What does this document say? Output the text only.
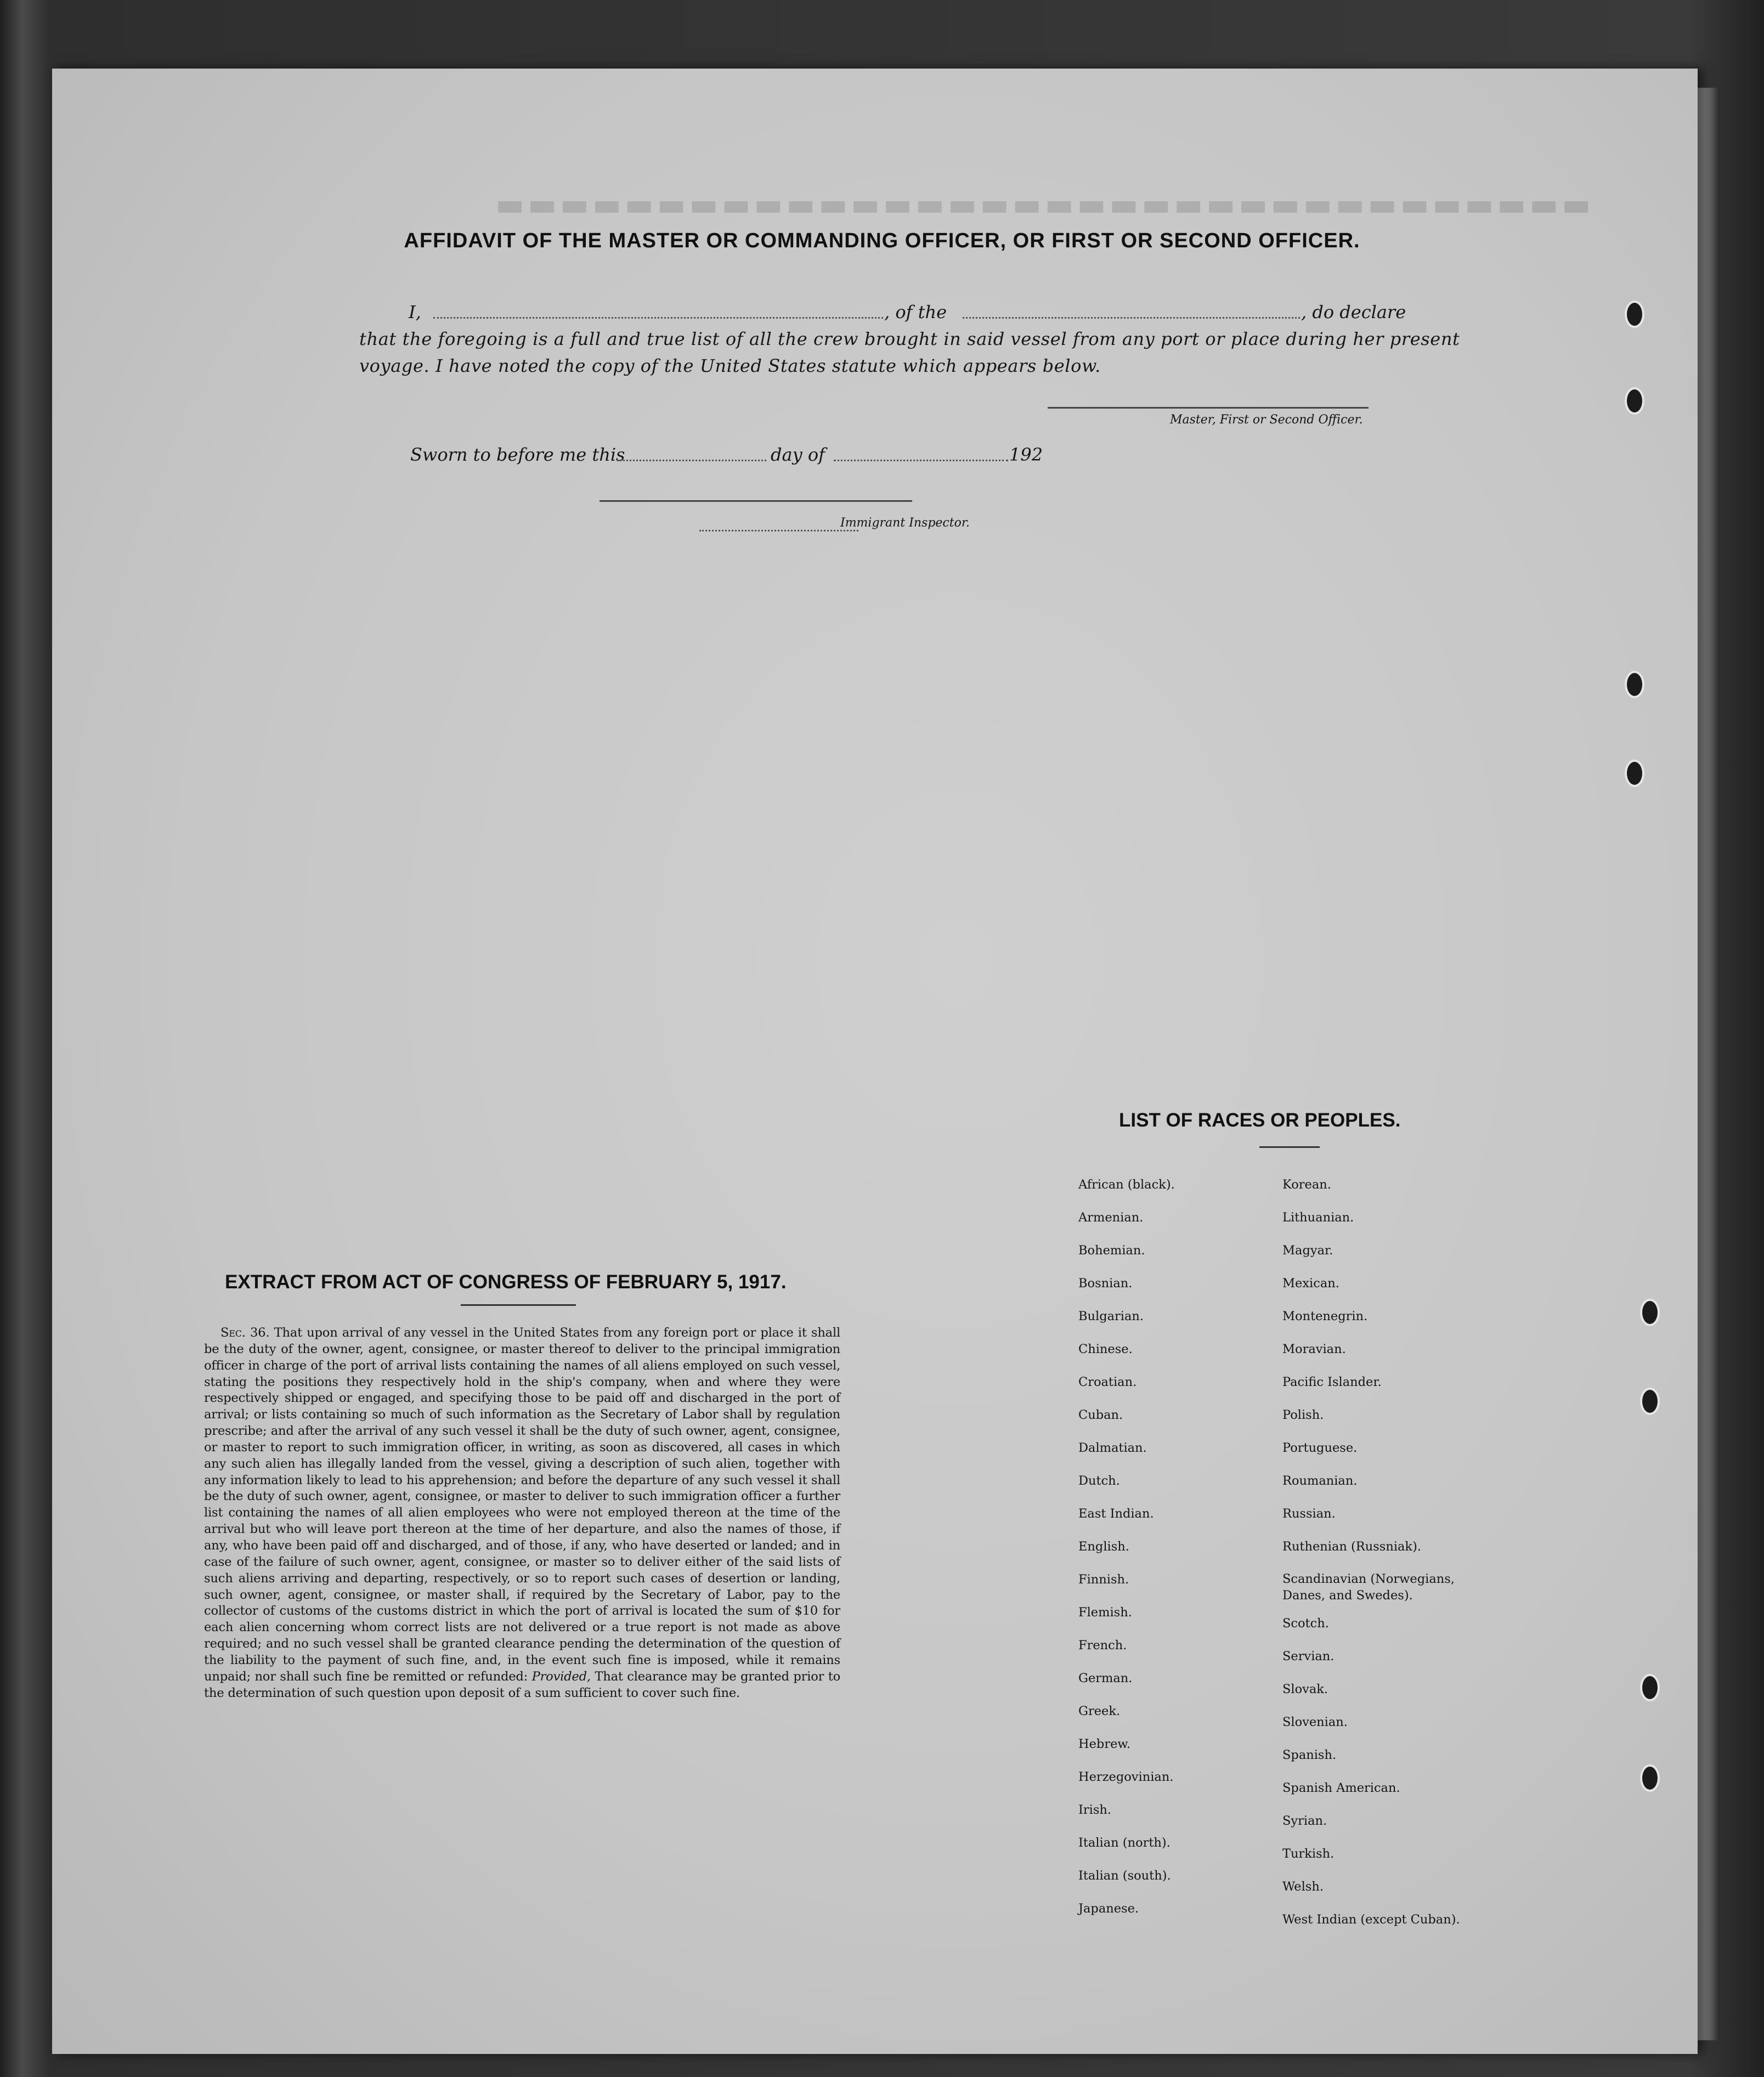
▬▬▬▬▬▬▬▬▬▬▬▬▬▬▬▬▬▬▬▬▬▬▬▬▬▬▬▬▬▬▬▬▬▬
AFFIDAVIT OF THE MASTER OR COMMANDING OFFICER, OR FIRST OR SECOND OFFICER.
I,	, of the	, do declare
that the foregoing is a full and true list of all the crew brought in said vessel from any port or place during her present
voyage. I have noted the copy of the United States statute which appears below.
Master, First or Second Officer.
Sworn to before me this	day of	192
Immigrant Inspector.
EXTRACT FROM ACT OF CONGRESS OF FEBRUARY 5, 1917.
Sec. 36. That upon arrival of any vessel in the United States from any foreign port or place it shall be the duty of the owner, agent, consignee, or master thereof to deliver to the principal immigration officer in charge of the port of arrival lists containing the names of all aliens employed on such vessel, stating the positions they respectively hold in the ship's company, when and where they were respectively shipped or engaged, and specifying those to be paid off and discharged in the port of arrival; or lists containing so much of such information as the Secretary of Labor shall by regulation prescribe; and after the arrival of any such vessel it shall be the duty of such owner, agent, consignee, or master to report to such immigration officer, in writing, as soon as discovered, all cases in which any such alien has illegally landed from the vessel, giving a description of such alien, together with any information likely to lead to his apprehension; and before the departure of any such vessel it shall be the duty of such owner, agent, consignee, or master to deliver to such immigration officer a further list containing the names of all alien employees who were not employed thereon at the time of the arrival but who will leave port thereon at the time of her departure, and also the names of those, if any, who have been paid off and discharged, and of those, if any, who have deserted or landed; and in case of the failure of such owner, agent, consignee, or master so to deliver either of the said lists of such aliens arriving and departing, respectively, or so to report such cases of desertion or landing, such owner, agent, consignee, or master shall, if required by the Secretary of Labor, pay to the collector of customs of the customs district in which the port of arrival is located the sum of $10 for each alien concerning whom correct lists are not delivered or a true report is not made as above required; and no such vessel shall be granted clearance pending the determination of the question of the liability to the payment of such fine, and, in the event such fine is imposed, while it remains unpaid; nor shall such fine be remitted or refunded: Provided, That clearance may be granted prior to the determination of such question upon deposit of a sum sufficient to cover such fine.
LIST OF RACES OR PEOPLES.
African (black).
Armenian.
Bohemian.
Bosnian.
Bulgarian.
Chinese.
Croatian.
Cuban.
Dalmatian.
Dutch.
East Indian.
English.
Finnish.
Flemish.
French.
German.
Greek.
Hebrew.
Herzegovinian.
Irish.
Italian (north).
Italian (south).
Japanese.
Korean.
Lithuanian.
Magyar.
Mexican.
Montenegrin.
Moravian.
Pacific Islander.
Polish.
Portuguese.
Roumanian.
Russian.
Ruthenian (Russniak).
Scandinavian (Norwegians, Danes, and Swedes).
Scotch.
Servian.
Slovak.
Slovenian.
Spanish.
Spanish American.
Syrian.
Turkish.
Welsh.
West Indian (except Cuban).
